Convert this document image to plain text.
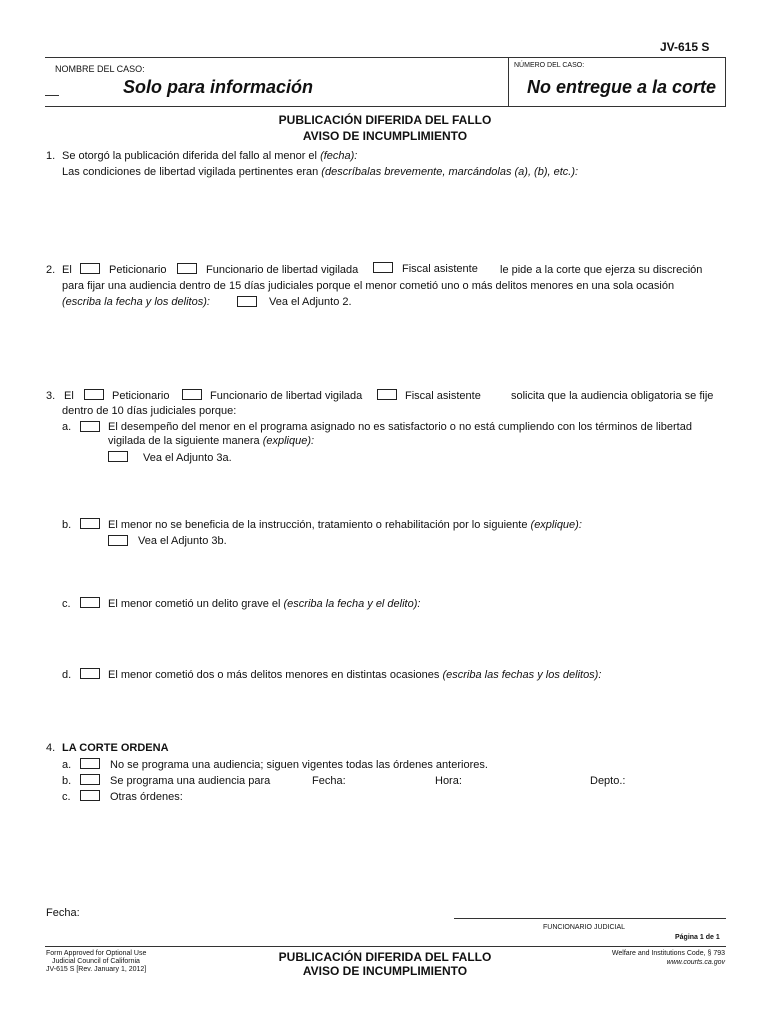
JV-615 S
NOMBRE DEL CASO:
Solo para información
NÚMERO DEL CASO:
No entregue a la corte
PUBLICACIÓN DIFERIDA DEL FALLO
AVISO DE INCUMPLIMIENTO
1. Se otorgó la publicación diferida del fallo al menor el (fecha):
Las condiciones de libertad vigilada pertinentes eran (descríbalas brevemente, marcándolas (a), (b), etc.):
2. El	Peticionario	Funcionario de libertad vigilada	Fiscal asistente le pide a la corte que ejerza su discreción
para fijar una audiencia dentro de 15 días judiciales porque el menor cometió uno o más delitos menores en una sola ocasión
(escriba la fecha y los delitos):	Vea el Adjunto 2.
3. El	Peticionario	Funcionario de libertad vigilada	Fiscal asistente	solicita que la audiencia obligatoria se fije
dentro de 10 días judiciales porque:
a.	El desempeño del menor en el programa asignado no es satisfactorio o no está cumpliendo con los términos de libertad
vigilada de la siguiente manera (explique):
Vea el Adjunto 3a.
b.	El menor no se beneficia de la instrucción, tratamiento o rehabilitación por lo siguiente (explique):
Vea el Adjunto 3b.
c.	El menor cometió un delito grave el (escriba la fecha y el delito):
d.	El menor cometió dos o más delitos menores en distintas ocasiones (escriba las fechas y los delitos):
4. LA CORTE ORDENA
a.	No se programa una audiencia; siguen vigentes todas las órdenes anteriores.
b.	Se programa una audiencia para	Fecha:	Hora:	Depto.:
c.	Otras órdenes:
Fecha:
FUNCIONARIO JUDICIAL
Página 1 de 1
Form Approved for Optional Use
Judicial Council of California
JV-615 S [Rev. January 1, 2012]
PUBLICACIÓN DIFERIDA DEL FALLO
AVISO DE INCUMPLIMIENTO
Welfare and Institutions Code, § 793
www.courts.ca.gov
